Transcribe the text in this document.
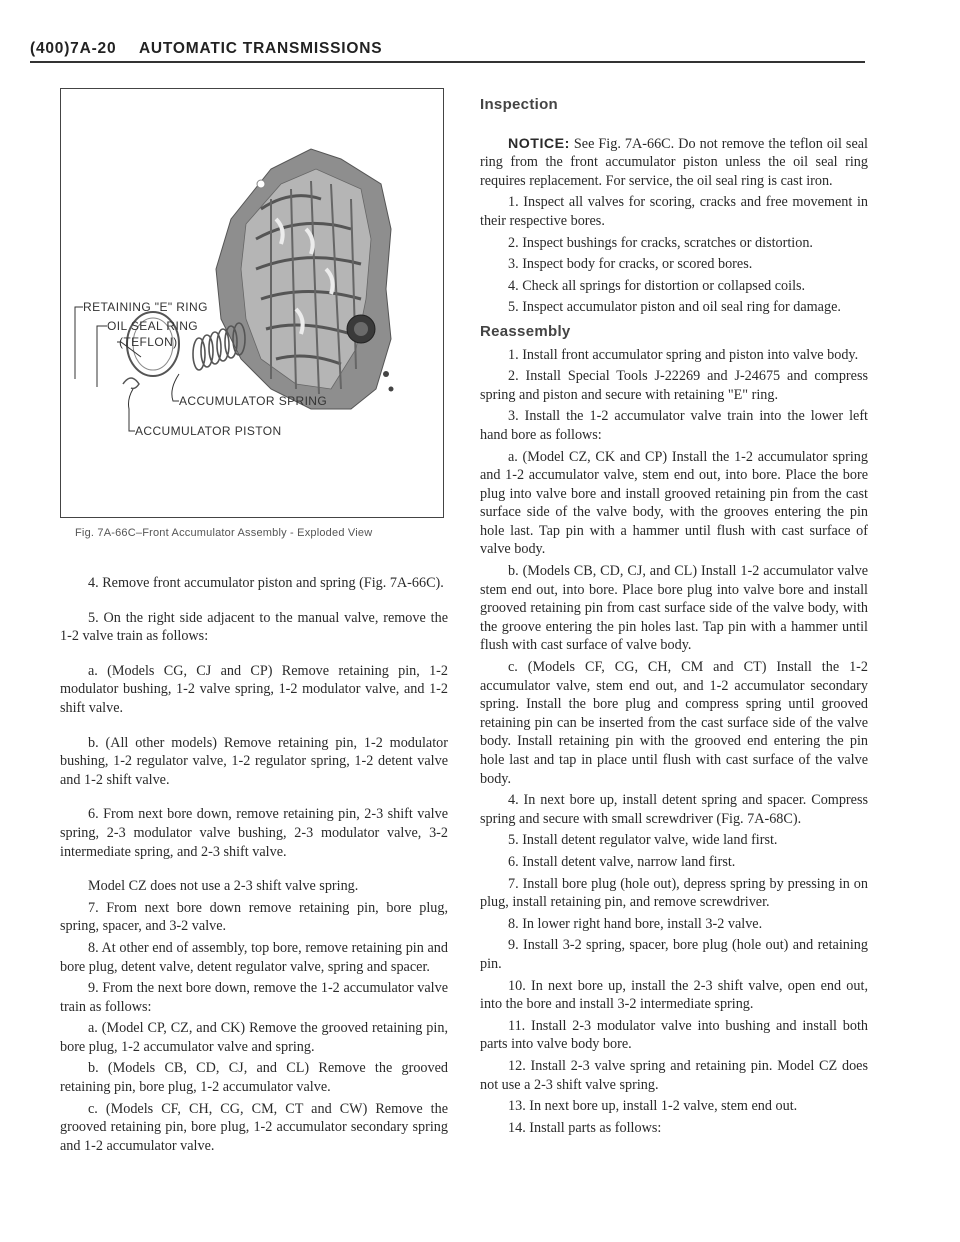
(400)7A-20 AUTOMATIC TRANSMISSIONS
RETAINING "E" RING
OIL SEAL RING
(TEFLON)
ACCUMULATOR SPRING
ACCUMULATOR PISTON
Fig. 7A-66C–Front Accumulator Assembly - Exploded View

4. Remove front accumulator piston and spring (Fig. 7A-66C).

5. On the right side adjacent to the manual valve, remove the 1-2 valve train as follows:

a. (Models CG, CJ and CP) Remove retaining pin, 1-2 modulator bushing, 1-2 valve spring, 1-2 modulator valve, and 1-2 shift valve.

b. (All other models) Remove retaining pin, 1-2 modulator bushing, 1-2 regulator valve, 1-2 regulator spring, 1-2 detent valve and 1-2 shift valve.

6. From next bore down, remove retaining pin, 2-3 shift valve spring, 2-3 modulator valve bushing, 2-3 modulator valve, 3-2 intermediate spring, and 2-3 shift valve.

Model CZ does not use a 2-3 shift valve spring.

7. From next bore down remove retaining pin, bore plug, spring, spacer, and 3-2 valve.

8. At other end of assembly, top bore, remove retaining pin and bore plug, detent valve, detent regulator valve, spring and spacer.

9. From the next bore down, remove the 1-2 accumulator valve train as follows:

a. (Model CP, CZ, and CK) Remove the grooved retaining pin, bore plug, 1-2 accumulator valve and spring.

b. (Models CB, CD, CJ, and CL) Remove the grooved retaining pin, bore plug, 1-2 accumulator valve.

c. (Models CF, CH, CG, CM, CT and CW) Remove the grooved retaining pin, bore plug, 1-2 accumulator secondary spring and 1-2 accumulator valve.

Inspection

NOTICE: See Fig. 7A-66C. Do not remove the teflon oil seal ring from the front accumulator piston unless the oil seal ring requires replacement. For service, the oil seal ring is cast iron.

1. Inspect all valves for scoring, cracks and free movement in their respective bores.

2. Inspect bushings for cracks, scratches or distortion.

3. Inspect body for cracks, or scored bores.

4. Check all springs for distortion or collapsed coils.

5. Inspect accumulator piston and oil seal ring for damage.

Reassembly

1. Install front accumulator spring and piston into valve body.

2. Install Special Tools J-22269 and J-24675 and compress spring and piston and secure with retaining "E" ring.

3. Install the 1-2 accumulator valve train into the lower left hand bore as follows:

a. (Model CZ, CK and CP) Install the 1-2 accumulator spring and 1-2 accumulator valve, stem end out, into bore. Place the bore plug into valve bore and install grooved retaining pin from the cast surface side of the valve body, with the grooves entering the pin hole last. Tap pin with a hammer until flush with cast surface of valve body.

b. (Models CB, CD, CJ, and CL) Install 1-2 accumulator valve stem end out, into bore. Place bore plug into valve bore and install grooved retaining pin from cast surface side of the valve body, with the groove entering the pin holes last. Tap pin with a hammer until flush with cast surface of valve body.

c. (Models CF, CG, CH, CM and CT) Install the 1-2 accumulator valve, stem end out, and 1-2 accumulator secondary spring. Install the bore plug and compress spring until grooved retaining pin can be inserted from the cast surface side of the valve body. Install retaining pin with the grooved end entering the pin hole last and tap in place until flush with cast surface of the valve body.

4. In next bore up, install detent spring and spacer. Compress spring and secure with small screwdriver (Fig. 7A-68C).

5. Install detent regulator valve, wide land first.

6. Install detent valve, narrow land first.

7. Install bore plug (hole out), depress spring by pressing in on plug, install retaining pin, and remove screwdriver.

8. In lower right hand bore, install 3-2 valve.

9. Install 3-2 spring, spacer, bore plug (hole out) and retaining pin.

10. In next bore up, install the 2-3 shift valve, open end out, into the bore and install 3-2 intermediate spring.

11. Install 2-3 modulator valve into bushing and install both parts into valve body bore.

12. Install 2-3 valve spring and retaining pin. Model CZ does not use a 2-3 shift valve spring.

13. In next bore up, install 1-2 valve, stem end out.

14. Install parts as follows:
